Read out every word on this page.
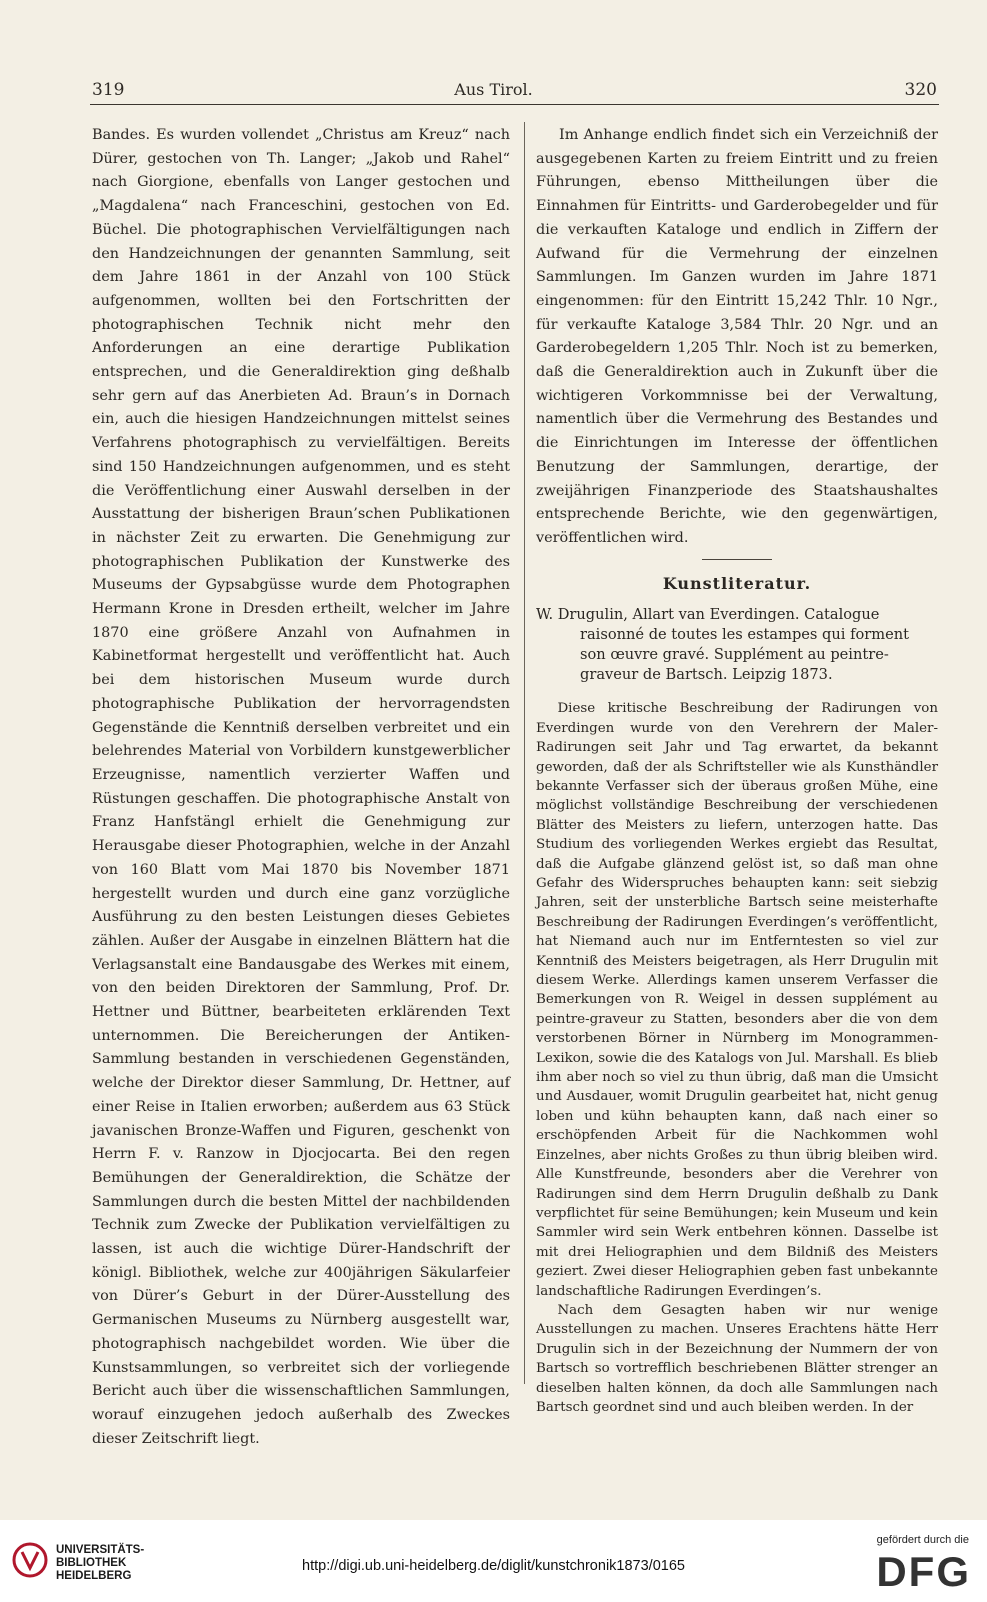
319	Aus Tirol.	320

Bandes. Es wurden vollendet „Christus am Kreuz“ nach Dürer, gestochen von Th. Langer; „Jakob und Rahel“ nach Giorgione, ebenfalls von Langer gestochen und „Magdalena“ nach Franceschini, gestochen von Ed. Büchel. Die photographischen Vervielfältigungen nach den Handzeichnungen der genannten Sammlung, seit dem Jahre 1861 in der Anzahl von 100 Stück aufgenommen, wollten bei den Fortschritten der photographischen Technik nicht mehr den Anforderungen an eine derartige Publikation entsprechen, und die Generaldirektion ging deßhalb sehr gern auf das Anerbieten Ad. Braun’s in Dornach ein, auch die hiesigen Handzeichnungen mittelst seines Verfahrens photographisch zu vervielfältigen. Bereits sind 150 Handzeichnungen aufgenommen, und es steht die Veröffentlichung einer Auswahl derselben in der Ausstattung der bisherigen Braun’schen Publikationen in nächster Zeit zu erwarten. Die Genehmigung zur photographischen Publikation der Kunstwerke des Museums der Gypsabgüsse wurde dem Photographen Hermann Krone in Dresden ertheilt, welcher im Jahre 1870 eine größere Anzahl von Aufnahmen in Kabinetformat hergestellt und veröffentlicht hat. Auch bei dem historischen Museum wurde durch photographische Publikation der hervorragendsten Gegenstände die Kenntniß derselben verbreitet und ein belehrendes Material von Vorbildern kunstgewerblicher Erzeugnisse, namentlich verzierter Waffen und Rüstungen geschaffen. Die photographische Anstalt von Franz Hanfstängl erhielt die Genehmigung zur Herausgabe dieser Photographien, welche in der Anzahl von 160 Blatt vom Mai 1870 bis November 1871 hergestellt wurden und durch eine ganz vorzügliche Ausführung zu den besten Leistungen dieses Gebietes zählen. Außer der Ausgabe in einzelnen Blättern hat die Verlagsanstalt eine Bandausgabe des Werkes mit einem, von den beiden Direktoren der Sammlung, Prof. Dr. Hettner und Büttner, bearbeiteten erklärenden Text unternommen. Die Bereicherungen der Antiken-Sammlung bestanden in verschiedenen Gegenständen, welche der Direktor dieser Sammlung, Dr. Hettner, auf einer Reise in Italien erworben; außerdem aus 63 Stück javanischen Bronze-Waffen und Figuren, geschenkt von Herrn F. v. Ranzow in Djocjocarta. Bei den regen Bemühungen der Generaldirektion, die Schätze der Sammlungen durch die besten Mittel der nachbildenden Technik zum Zwecke der Publikation vervielfältigen zu lassen, ist auch die wichtige Dürer-Handschrift der königl. Bibliothek, welche zur 400jährigen Säkularfeier von Dürer’s Geburt in der Dürer-Ausstellung des Germanischen Museums zu Nürnberg ausgestellt war, photographisch nachgebildet worden. Wie über die Kunstsammlungen, so verbreitet sich der vorliegende Bericht auch über die wissenschaftlichen Sammlungen, worauf einzugehen jedoch außerhalb des Zweckes dieser Zeitschrift liegt.

Im Anhange endlich findet sich ein Verzeichniß der ausgegebenen Karten zu freiem Eintritt und zu freien Führungen, ebenso Mittheilungen über die Einnahmen für Eintritts- und Garderobegelder und für die verkauften Kataloge und endlich in Ziffern der Aufwand für die Vermehrung der einzelnen Sammlungen. Im Ganzen wurden im Jahre 1871 eingenommen: für den Eintritt 15,242 Thlr. 10 Ngr., für verkaufte Kataloge 3,584 Thlr. 20 Ngr. und an Garderobegeldern 1,205 Thlr. Noch ist zu bemerken, daß die Generaldirektion auch in Zukunft über die wichtigeren Vorkommnisse bei der Verwaltung, namentlich über die Vermehrung des Bestandes und die Einrichtungen im Interesse der öffentlichen Benutzung der Sammlungen, derartige, der zweijährigen Finanzperiode des Staatshaushaltes entsprechende Berichte, wie den gegenwärtigen, veröffentlichen wird.

Kunstliteratur.
W. Drugulin, Allart van Everdingen. Catalogue raisonné de toutes les estampes qui forment son œuvre gravé. Supplément au peintre-graveur de Bartsch. Leipzig 1873.

Diese kritische Beschreibung der Radirungen von Everdingen wurde von den Verehrern der Maler-Radirungen seit Jahr und Tag erwartet, da bekannt geworden, daß der als Schriftsteller wie als Kunsthändler bekannte Verfasser sich der überaus großen Mühe, eine möglichst vollständige Beschreibung der verschiedenen Blätter des Meisters zu liefern, unterzogen hatte. Das Studium des vorliegenden Werkes ergiebt das Resultat, daß die Aufgabe glänzend gelöst ist, so daß man ohne Gefahr des Widerspruches behaupten kann: seit siebzig Jahren, seit der unsterbliche Bartsch seine meisterhafte Beschreibung der Radirungen Everdingen’s veröffentlicht, hat Niemand auch nur im Entferntesten so viel zur Kenntniß des Meisters beigetragen, als Herr Drugulin mit diesem Werke. Allerdings kamen unserem Verfasser die Bemerkungen von R. Weigel in dessen supplément au peintre-graveur zu Statten, besonders aber die von dem verstorbenen Börner in Nürnberg im Monogrammen-Lexikon, sowie die des Katalogs von Jul. Marshall. Es blieb ihm aber noch so viel zu thun übrig, daß man die Umsicht und Ausdauer, womit Drugulin gearbeitet hat, nicht genug loben und kühn behaupten kann, daß nach einer so erschöpfenden Arbeit für die Nachkommen wohl Einzelnes, aber nichts Großes zu thun übrig bleiben wird. Alle Kunstfreunde, besonders aber die Verehrer von Radirungen sind dem Herrn Drugulin deßhalb zu Dank verpflichtet für seine Bemühungen; kein Museum und kein Sammler wird sein Werk entbehren können. Dasselbe ist mit drei Heliographien und dem Bildniß des Meisters geziert. Zwei dieser Heliographien geben fast unbekannte landschaftliche Radirungen Everdingen’s.

Nach dem Gesagten haben wir nur wenige Ausstellungen zu machen. Unseres Erachtens hätte Herr Drugulin sich in der Bezeichnung der Nummern der von Bartsch so vortrefflich beschriebenen Blätter strenger an dieselben halten können, da doch alle Sammlungen nach Bartsch geordnet sind und auch bleiben werden. In der

UNIVERSITÄTS-
BIBLIOTHEK
HEIDELBERG
http://digi.ub.uni-heidelberg.de/diglit/kunstchronik1873/0165
gefördert durch die
DFG
